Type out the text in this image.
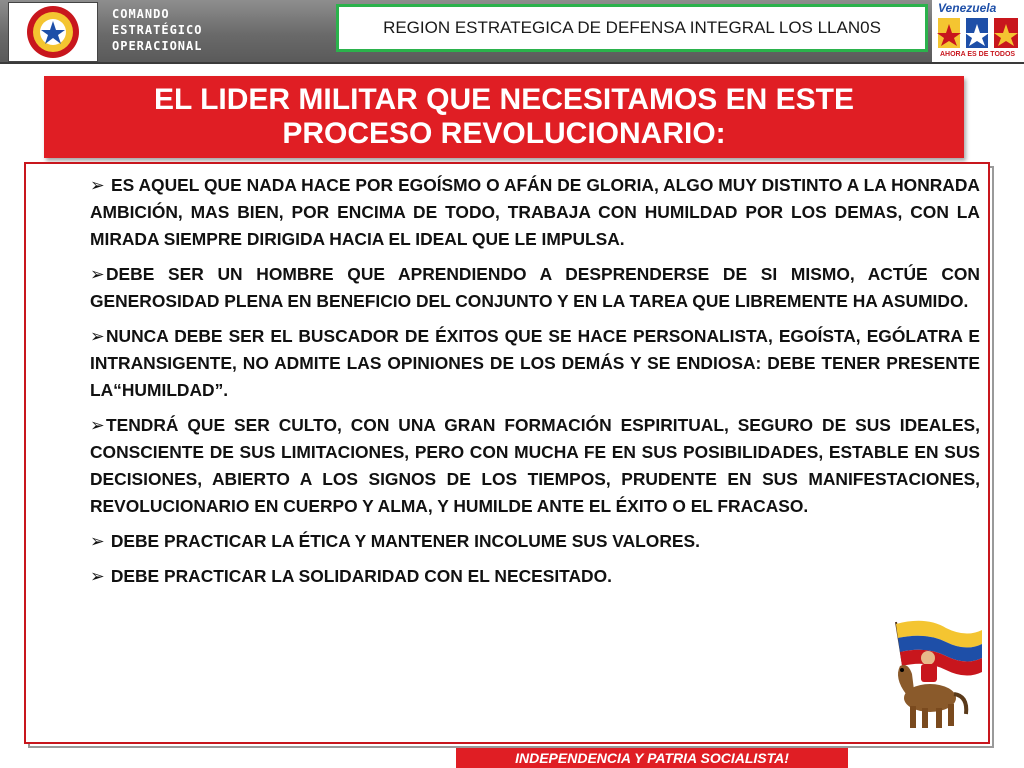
COMANDO
ESTRATÉGICO
OPERACIONAL
REGION ESTRATEGICA DE DEFENSA INTEGRAL LOS LLAN0S
Venezuela
AHORA ES DE TODOS
EL LIDER MILITAR QUE NECESITAMOS EN ESTE PROCESO REVOLUCIONARIO:

➢ ES AQUEL QUE NADA HACE POR EGOÍSMO O AFÁN DE GLORIA, ALGO MUY DISTINTO A LA HONRADA AMBICIÓN, MAS BIEN, POR ENCIMA DE TODO, TRABAJA CON HUMILDAD POR LOS DEMAS, CON LA MIRADA SIEMPRE DIRIGIDA HACIA EL IDEAL QUE LE IMPULSA.

➢DEBE SER UN HOMBRE QUE APRENDIENDO A DESPRENDERSE DE SI MISMO, ACTÚE CON GENEROSIDAD PLENA EN BENEFICIO DEL CONJUNTO Y EN LA TAREA QUE LIBREMENTE HA ASUMIDO.

➢NUNCA DEBE SER EL BUSCADOR DE ÉXITOS QUE SE HACE PERSONALISTA, EGOÍSTA, EGÓLATRA E INTRANSIGENTE, NO ADMITE LAS OPINIONES DE LOS DEMÁS Y SE ENDIOSA: DEBE TENER PRESENTE LA“HUMILDAD”.

➢TENDRÁ QUE SER CULTO, CON UNA GRAN FORMACIÓN ESPIRITUAL, SEGURO DE SUS IDEALES, CONSCIENTE DE SUS LIMITACIONES, PERO CON MUCHA FE EN SUS POSIBILIDADES, ESTABLE EN SUS DECISIONES, ABIERTO A LOS SIGNOS DE LOS TIEMPOS, PRUDENTE EN SUS MANIFESTACIONES, REVOLUCIONARIO EN CUERPO Y ALMA, Y HUMILDE ANTE EL ÉXITO O EL FRACASO.

➢ DEBE PRACTICAR LA ÉTICA Y MANTENER INCOLUME SUS VALORES.

➢ DEBE PRACTICAR LA SOLIDARIDAD CON EL NECESITADO.

INDEPENDENCIA Y PATRIA SOCIALISTA!
